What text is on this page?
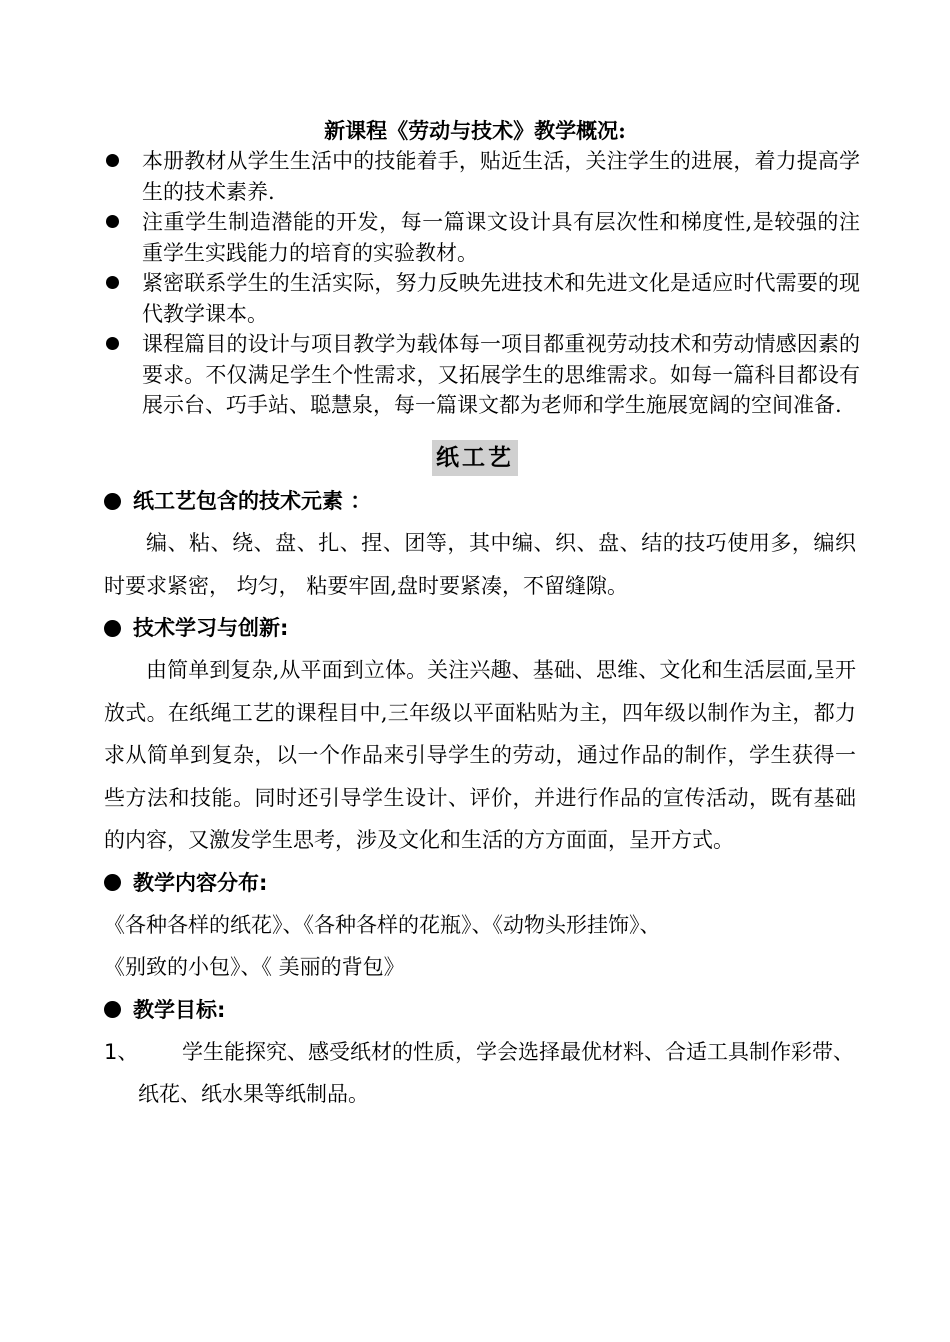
新课程《劳动与技术》教学概况:
本册教材从学生生活中的技能着手，贴近生活，关注学生的进展，着力提高学生的技术素养.
注重学生制造潜能的开发，每一篇课文设计具有层次性和梯度性,是较强的注重学生实践能力的培育的实验教材。
紧密联系学生的生活实际，努力反映先进技术和先进文化是适应时代需要的现代教学课本。
课程篇目的设计与项目教学为载体每一项目都重视劳动技术和劳动情感因素的要求。不仅满足学生个性需求，又拓展学生的思维需求。如每一篇科目都设有展示台、巧手站、聪慧泉，每一篇课文都为老师和学生施展宽阔的空间准备.
纸工艺
纸工艺包含的技术元素 ：

编、粘、绕、盘、扎、捏、团等，其中编、织、盘、结的技巧使用多，编织时要求紧密， 均匀， 粘要牢固,盘时要紧凑，不留缝隙。

技术学习与创新:

由简单到复杂,从平面到立体。关注兴趣、基础、思维、文化和生活层面,呈开放式。在纸绳工艺的课程目中,三年级以平面粘贴为主，四年级以制作为主，都力求从简单到复杂，以一个作品来引导学生的劳动，通过作品的制作，学生获得一些方法和技能。同时还引导学生设计、评价，并进行作品的宣传活动，既有基础的内容，又激发学生思考，涉及文化和生活的方方面面，呈开方式。

教学内容分布:

《各种各样的纸花》、《各种各样的花瓶》、《动物头形挂饰》、

《别致的小包》、《 美丽的背包》

教学目标:
1、	学生能探究、感受纸材的性质，学会选择最优材料、合适工具制作彩带、纸花、纸水果等纸制品。
